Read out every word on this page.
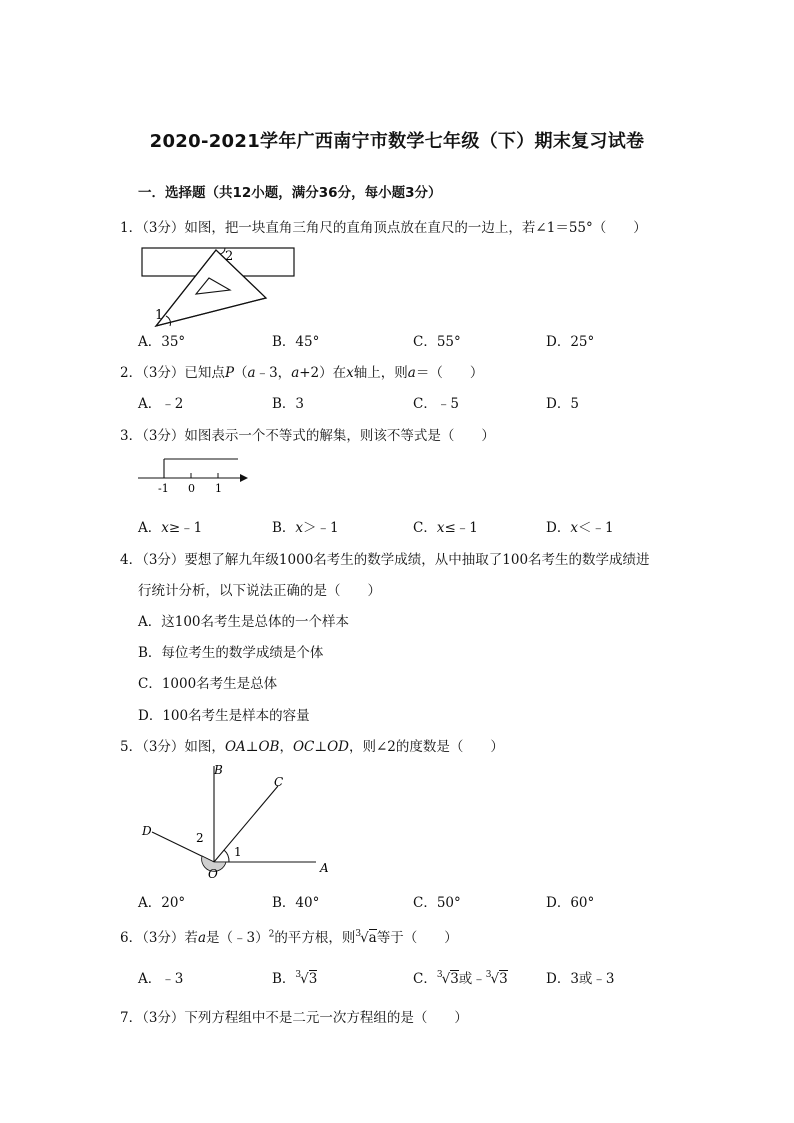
2020-2021学年广西南宁市数学七年级（下）期末复习试卷
一．选择题（共12小题，满分36分，每小题3分）
1．（3分）如图，把一块直角三角尺的直角顶点放在直尺的一边上，若∠1＝55°（　　）
2
1
A．35°	B．45°	C．55°	D．25°
2．（3分）已知点P（a﹣3，a+2）在x轴上，则a＝（　　）
A．﹣2	B．3	C．﹣5	D．5
3．（3分）如图表示一个不等式的解集，则该不等式是（　　）
-1 0 1
A．x≥﹣1	B．x＞﹣1	C．x≤﹣1	D．x＜﹣1
4．（3分）要想了解九年级1000名考生的数学成绩，从中抽取了100名考生的数学成绩进
行统计分析，以下说法正确的是（　　）
A．这100名考生是总体的一个样本
B．每位考生的数学成绩是个体
C．1000名考生是总体
D．100名考生是样本的容量
5．（3分）如图，OA⊥OB，OC⊥OD，则∠2的度数是（　　）
B
C
D	2
1
O	A
A．20°	B．40°	C．50°	D．60°
6．（3分）若a是（﹣3）$^2$的平方根，则$^3$√a等于（　　）
A．﹣3	B．$^3$√3	C．$^3$√3或﹣$^3$√3	D．3或﹣3
7．（3分）下列方程组中不是二元一次方程组的是（　　）
